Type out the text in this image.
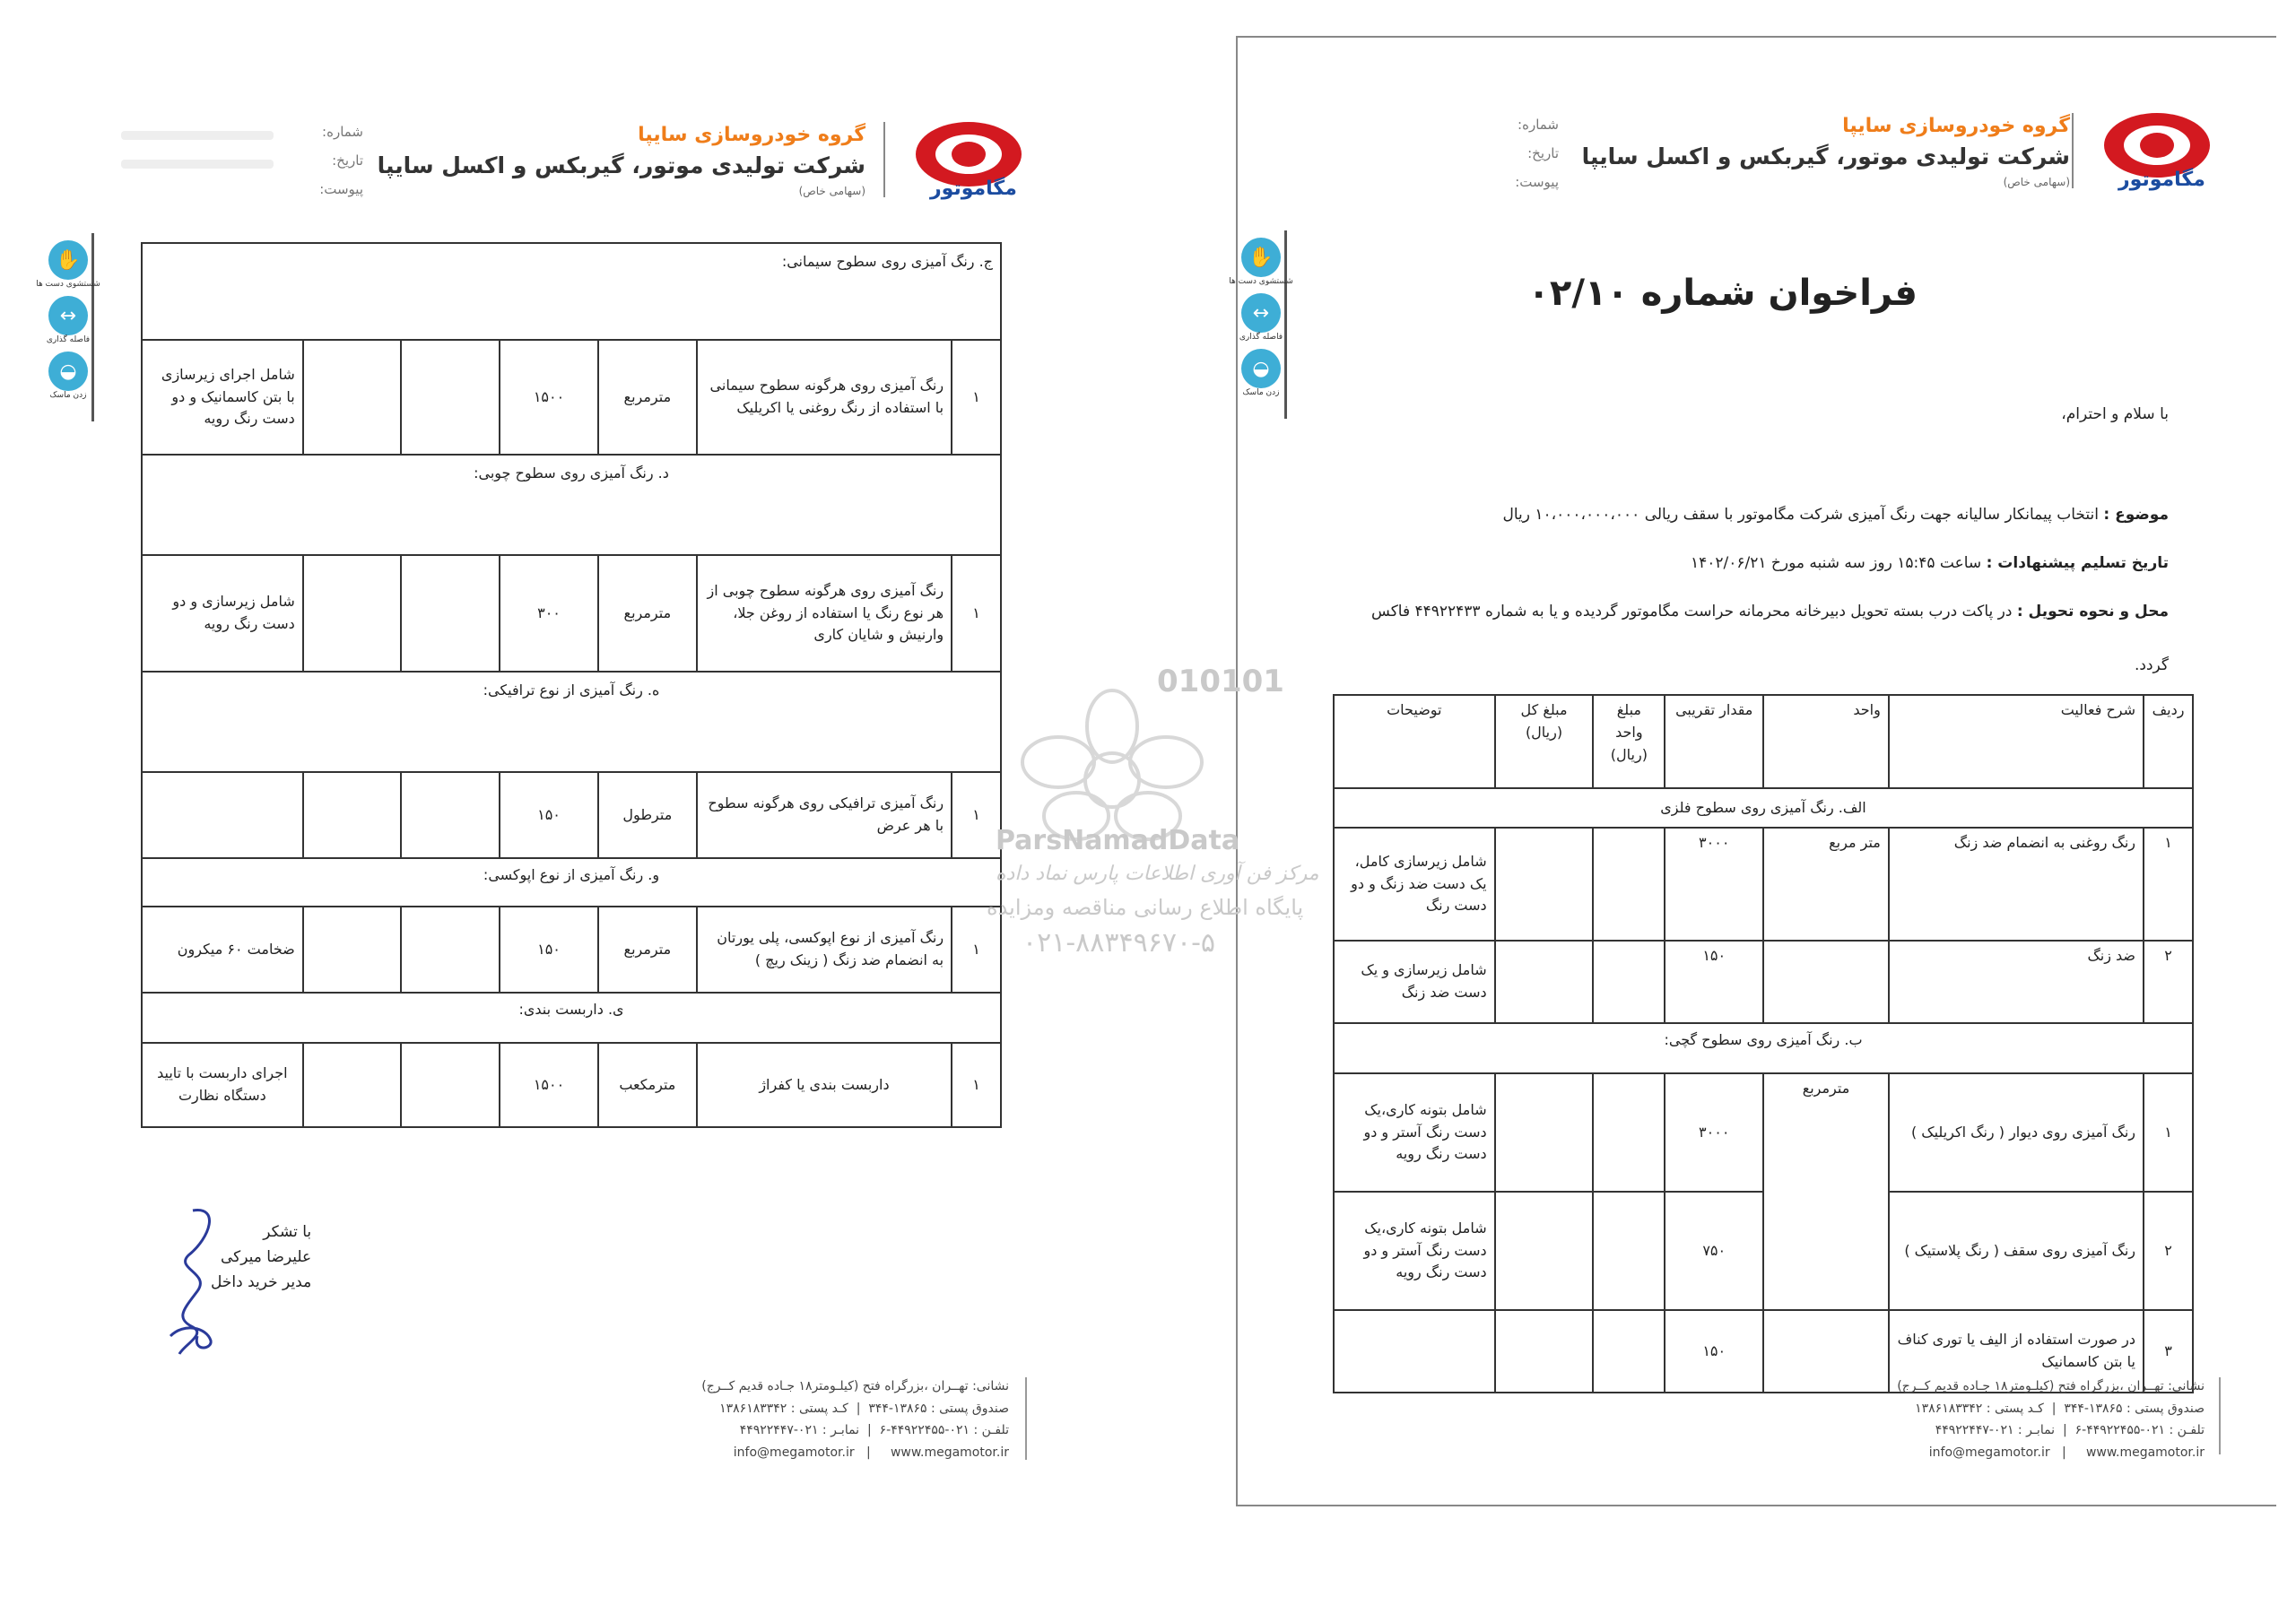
مگاموتور
گروه خودروسازی سایپا
شرکت تولیدی موتور، گیربکس و اکسل سایپا
(سهامی خاص)
شماره:
تاریخ:
پیوست:
✋
شستشوی دست ها
↔
فاصله گذاری
◒
زدن ماسک
ج. رنگ آمیزی روی سطوح سیمانی:						
۱	رنگ آمیزی روی هرگونه سطوح سیمانی با استفاده از رنگ روغنی یا اکریلیک	مترمربع	۱۵۰۰			شامل اجرای زیرسازی با بتن کاسمانیک و دو دست رنگ رویه
د. رنگ آمیزی روی سطوح چوبی:						
۱	رنگ آمیزی روی هرگونه سطوح چوبی از هر نوع رنگ یا استفاده از روغن جلا، وارنیش و شایان کاری	مترمربع	۳۰۰			شامل زیرسازی و دو دست رنگ رویه
ه. رنگ آمیزی از نوع ترافیکی:						
۱	رنگ آمیزی ترافیکی روی هرگونه سطوح با هر عرض	مترطول	۱۵۰			
و. رنگ آمیزی از نوع اپوکسی:						
۱	رنگ آمیزی از نوع اپوکسی، پلی یورتان به انضمام ضد زنگ ( زینک ریچ )	مترمربع	۱۵۰			ضخامت ۶۰ میکرون
ی. داربست بندی:						
۱	داربست بندی یا کفراژ	مترمکعب	۱۵۰۰			اجرای داربست با تایید دستگاه نظارت
با تشکر
علیرضا میرکی
مدیر خرید داخل
نشانی: تهــران ،بزرگراه فتح (کیلـومتر۱۸ جـاده قدیم کــرج)
صندوق پستی : ۱۳۸۶۵-۳۴۴  |  کـد پستی : ۱۳۸۶۱۸۳۳۴۲
تلفـن : ۰۲۱-۴۴۹۲۲۴۵۵-۶  |  نمابـر : ۰۲۱-۴۴۹۲۲۴۴۷
info@megamotor.ir   |     www.megamotor.ir
مگاموتور
گروه خودروسازی سایپا
شرکت تولیدی موتور، گیربکس و اکسل سایپا
(سهامی خاص)
شماره:
تاریخ:
پیوست:
✋
شستشوی دست ها
↔
فاصله گذاری
◒
زدن ماسک
فراخوان شماره ۰۲/۱۰
با سلام و احترام،
موضوع : انتخاب پیمانکار سالیانه جهت رنگ آمیزی شرکت مگاموتور با سقف ریالی ۱۰،۰۰۰،۰۰۰،۰۰۰ ریال
تاریخ تسلیم پیشنهادات : ساعت ۱۵:۴۵ روز سه شنبه مورخ ۱۴۰۲/۰۶/۲۱
محل و نحوه تحویل : در پاکت درب بسته تحویل دبیرخانه محرمانه حراست مگاموتور گردیده و یا به شماره ۴۴۹۲۲۴۳۳ فاکس
گردد.
ردیف	شرح فعالیت	واحد	مقدار تقریبی	مبلغ واحد (ریال)	مبلغ کل (ریال)	توضیحات
الف. رنگ آمیزی روی سطوح فلزی						
۱	رنگ روغنی به انضمام ضد زنگ	متر مربع	۳۰۰۰			شامل زیرسازی کامل، یک دست ضد زنگ و دو دست رنگ
۲	ضد زنگ		۱۵۰			شامل زیرسازی و یک دست ضد زنگ
ب. رنگ آمیزی روی سطوح گچی:						
۱	رنگ آمیزی روی دیوار ( رنگ اکریلیک )	مترمربع	۳۰۰۰			شامل بتونه کاری،یک دست رنگ آستر و دو دست رنگ رویه
۲	رنگ آمیزی روی سقف ( رنگ پلاستیک )		۷۵۰			شامل بتونه کاری،یک دست رنگ آستر و دو دست رنگ رویه
۳	در صورت استفاده از الیف یا توری کناف یا بتن کاسمانیک		۱۵۰			
نشانی: تهــران ،بزرگراه فتح (کیلـومتر۱۸ جـاده قدیم کــرج)
صندوق پستی : ۱۳۸۶۵-۳۴۴  |  کـد پستی : ۱۳۸۶۱۸۳۳۴۲
تلفـن : ۰۲۱-۴۴۹۲۲۴۵۵-۶  |  نمابـر : ۰۲۱-۴۴۹۲۲۴۴۷
info@megamotor.ir   |     www.megamotor.ir
010101
ParsNamadData
مرکز فن آوری اطلاعات پارس نماد داده
پایگاه اطلاع رسانی مناقصه ومزایده
۰۲۱-۸۸۳۴۹۶۷۰-۵
